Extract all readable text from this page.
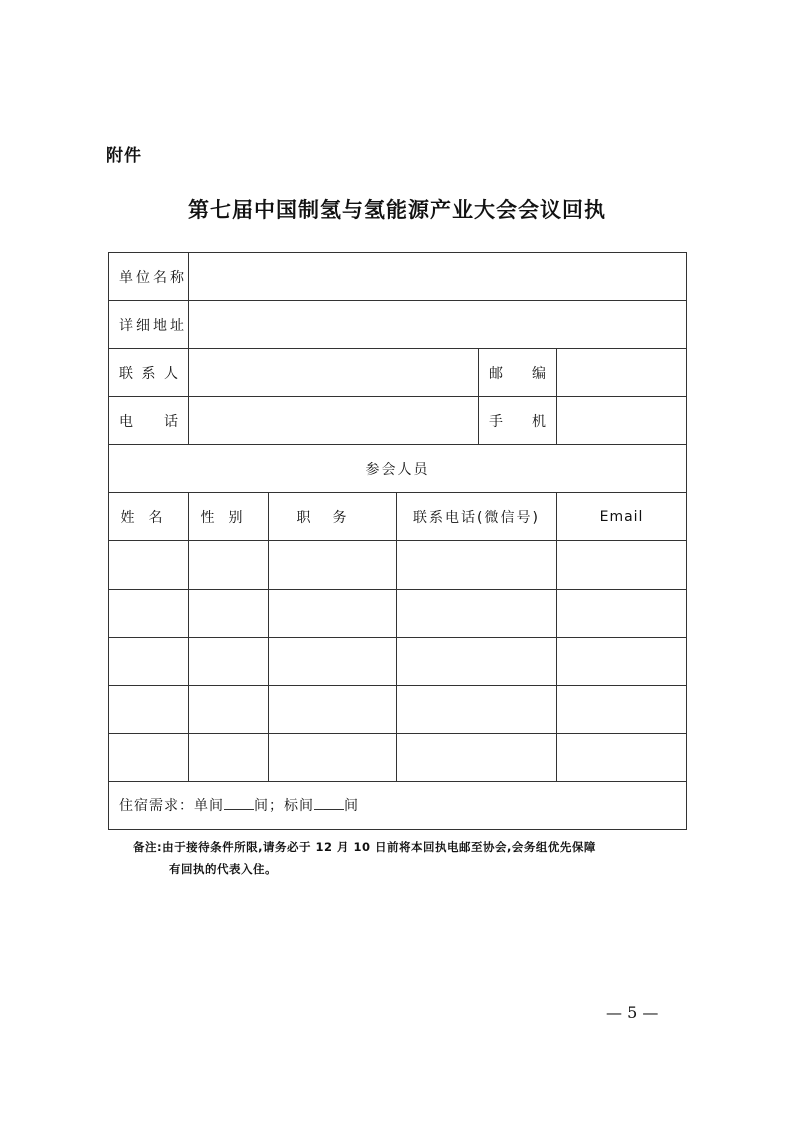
附件
第七届中国制氢与氢能源产业大会会议回执
单位名称					
详细地址					

联 系 人				邮 编	

电 话				手 机	

参会人员					
姓名	性别	职务	联系电话(微信号)		Email

住宿需求：单间 间；标间 间					
备注:由于接待条件所限,请务必于 12 月 10 日前将本回执电邮至协会,会务组优先保障
有回执的代表入住。
— 5 —
